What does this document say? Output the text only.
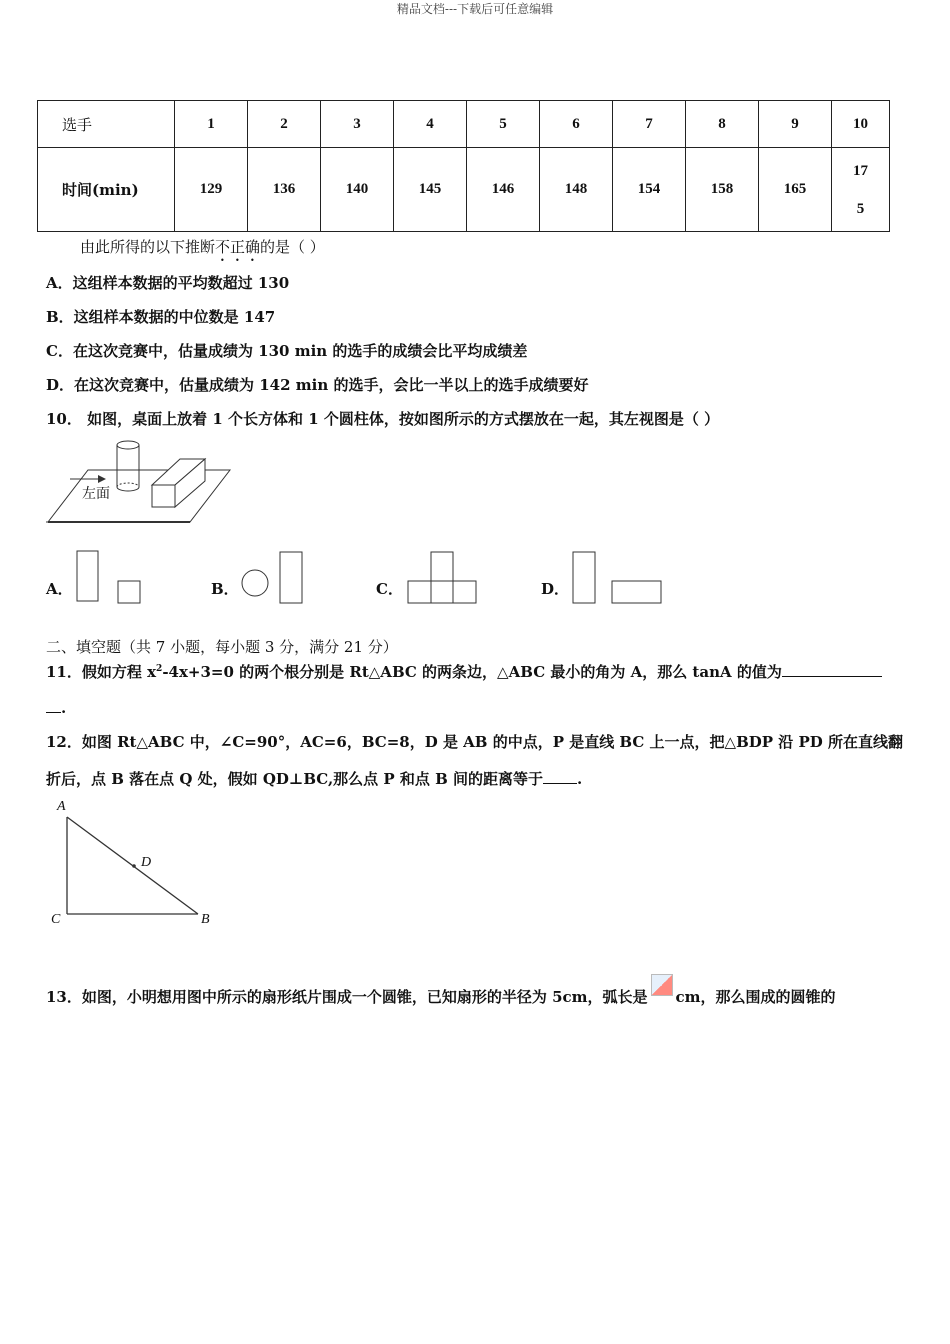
精品文档---下载后可任意编辑
选手	1	2	3	4	5	6	7	8	9	10
时间(min)	129	136	140	145	146	148	154	158	165	17
5
由此所得的以下推断不正确的是（ ）
A．这组样本数据的平均数超过 130
B．这组样本数据的中位数是 147
C．在这次竞赛中，估量成绩为 130 min 的选手的成绩会比平均成绩差
D．在这次竞赛中，估量成绩为 142 min 的选手，会比一半以上的选手成绩要好
10． 如图，桌面上放着 1 个长方体和 1 个圆柱体，按如图所示的方式摆放在一起，其左视图是（ ）
左面
A．	B．	C．	D．
二、填空题（共 7 小题，每小题 3 分，满分 21 分）
11．假如方程 $x^2-4x+3=0$ 的两个根分别是 Rt△ABC 的两条边，△ABC 最小的角为 A，那么 tanA 的值为
.
12．如图 Rt△ABC 中，∠C=90°，AC=6，BC=8，D 是 AB 的中点，P 是直线 BC 上一点，把△BDP 沿 PD 所在直线翻
折后，点 B 落在点 Q 处，假如 QD⊥BC,那么点 P 和点 B 间的距离等于 .
A
C	B
D
13．如图，小明想用图中所示的扇形纸片围成一个圆锥，已知扇形的半径为 5cm，弧长是 cm，那么围成的圆锥的
